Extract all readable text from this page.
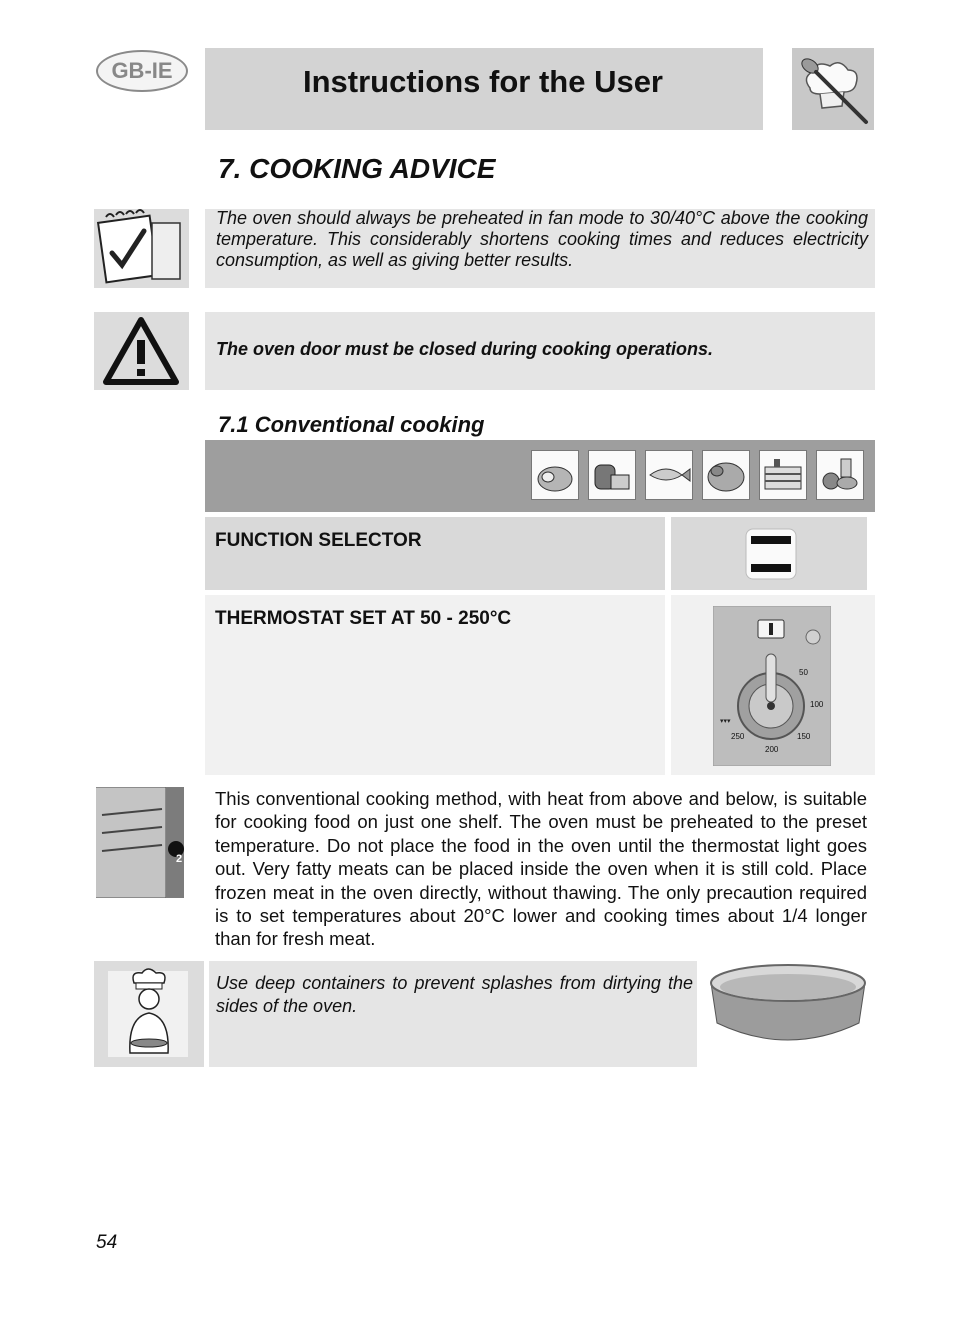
GB-IE	Instructions for the User
7. COOKING ADVICE
The oven should always be preheated in fan mode to 30/40°C above the cooking temperature. This considerably shortens cooking times and reduces electricity consumption, as well as giving better results.
The oven door must be closed during cooking operations.
7.1 Conventional cooking
FUNCTION SELECTOR
THERMOSTAT SET AT 50 - 250°C
▾▾▾
50
100
150
200
250
2
This conventional cooking method, with heat from above and below, is suitable for cooking food on just one shelf. The oven must be preheated to the preset temperature. Do not place the food in the oven until the thermostat light goes out. Very fatty meats can be placed inside the oven when it is still cold. Place frozen meat in the oven directly, without thawing. The only precaution required is to set temperatures about 20°C lower and cooking times about 1/4 longer than for fresh meat.
Use deep containers to prevent splashes from dirtying the sides of the oven.
54
